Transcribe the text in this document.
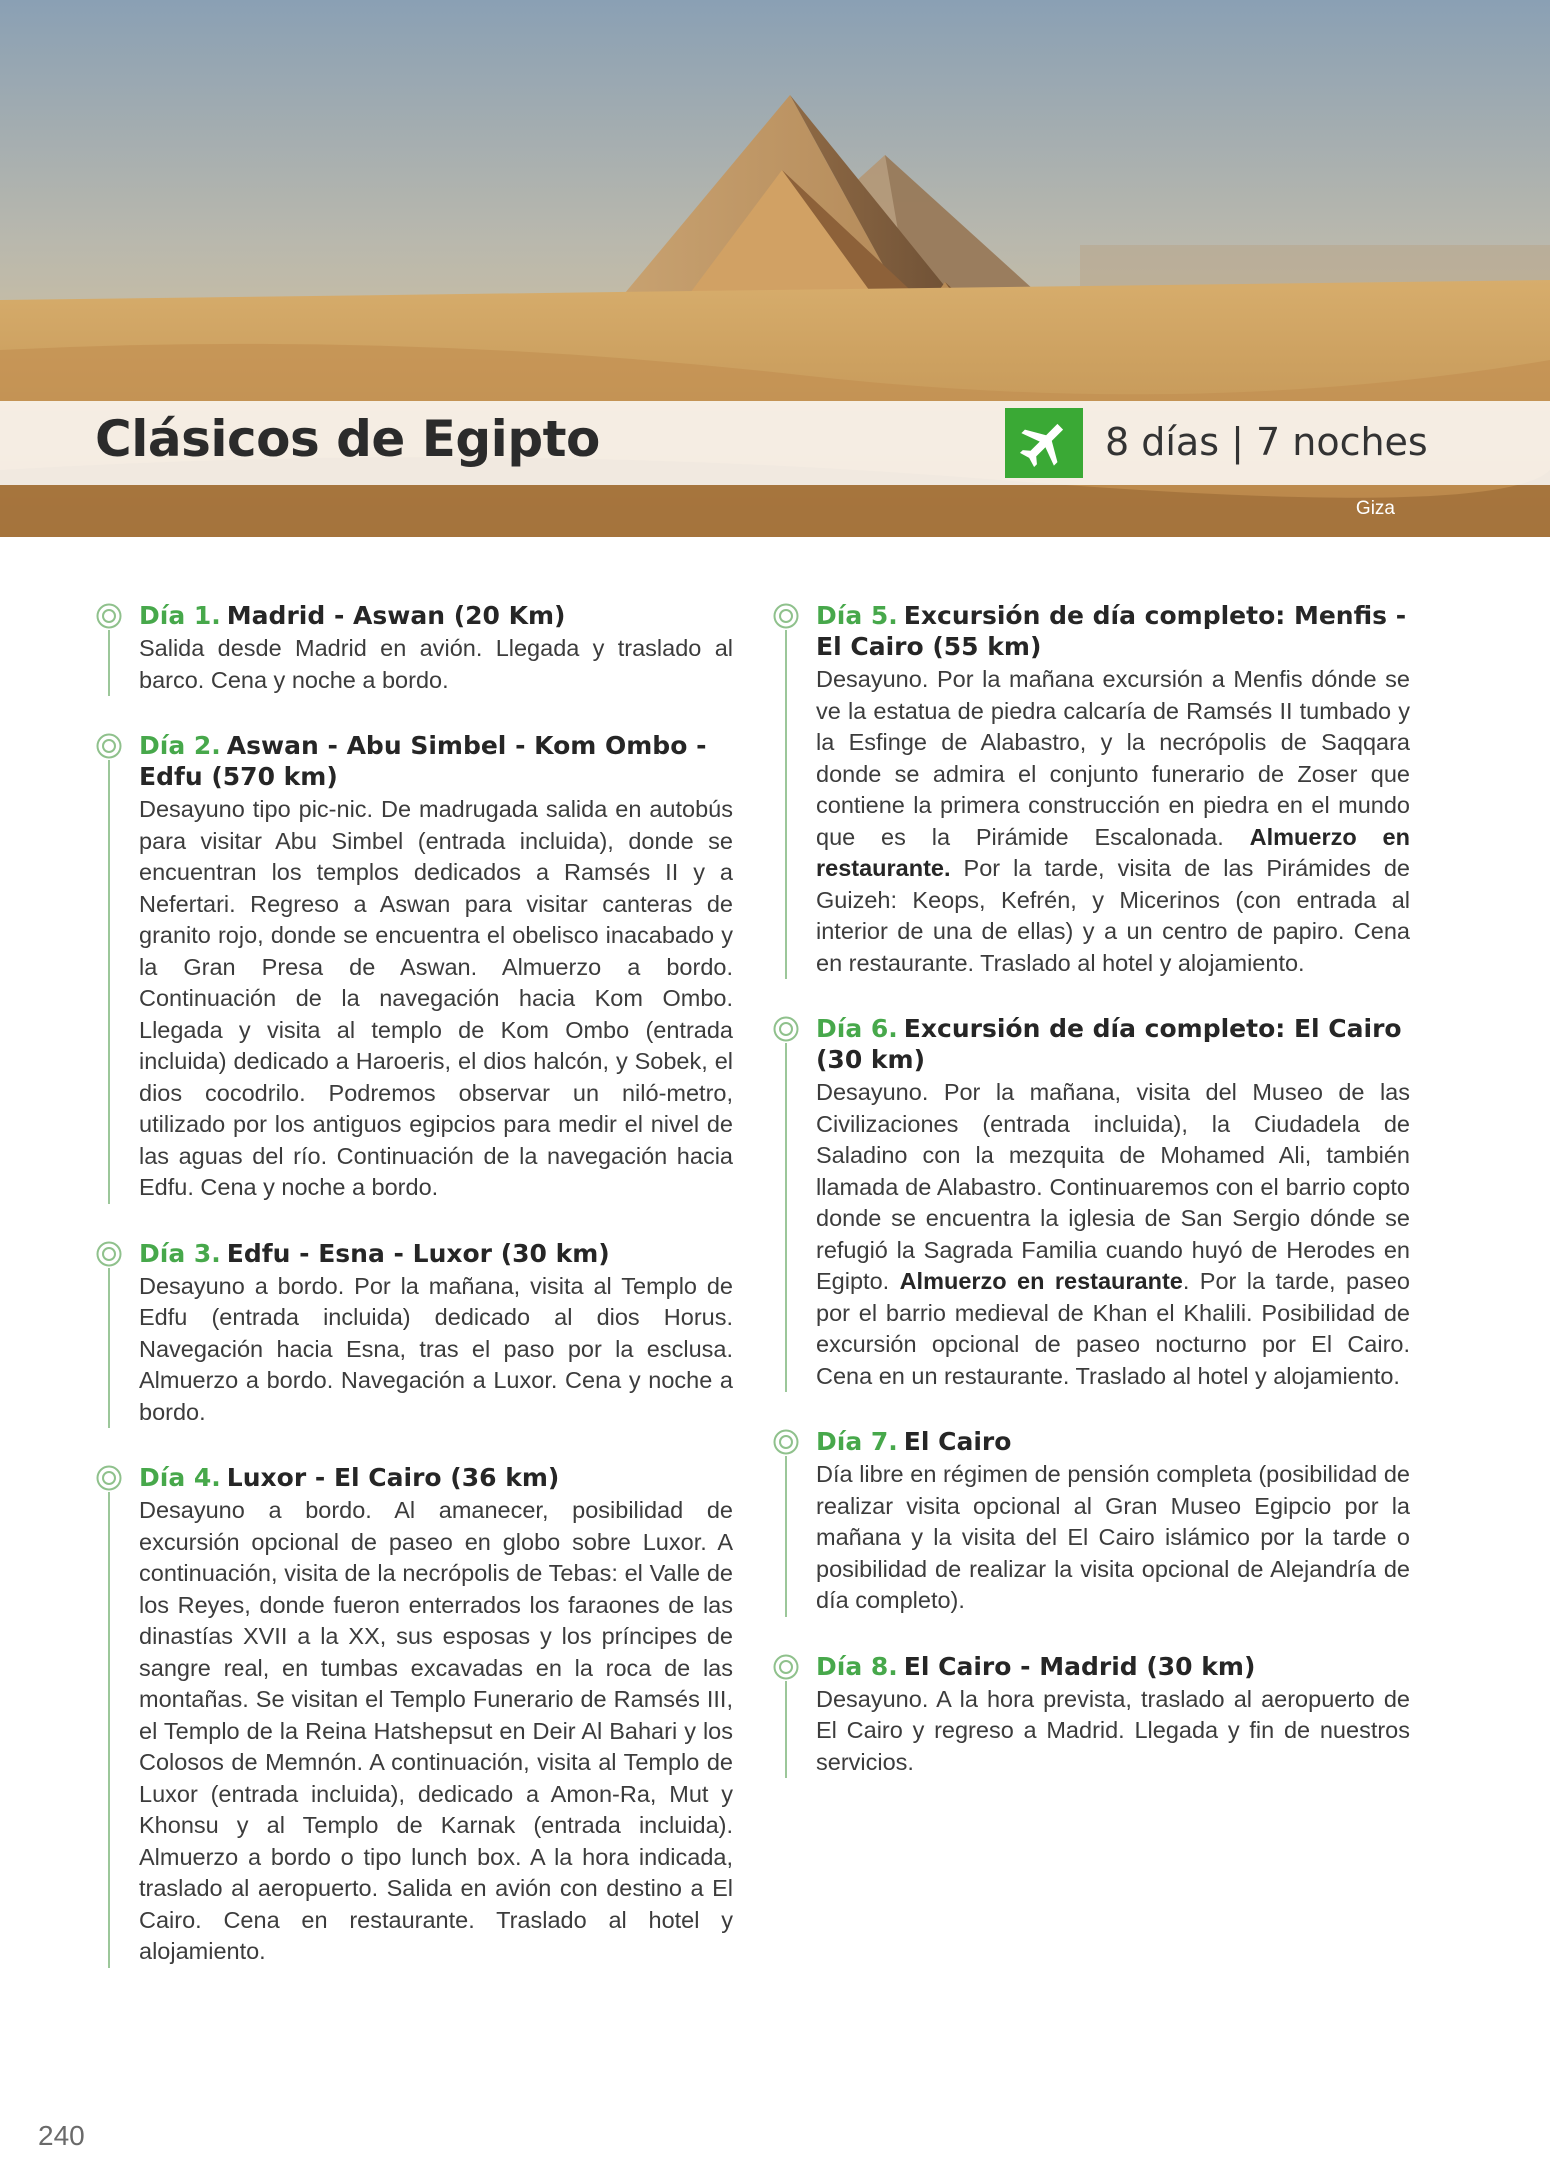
Clásicos de Egipto	8 días | 7 noches
Giza
Día 1. Madrid - Aswan (20 Km)
Salida desde Madrid en avión. Llegada y traslado al barco. Cena y noche a bordo.
Día 2. Aswan - Abu Simbel - Kom Ombo - Edfu (570 km)
Desayuno tipo pic-nic. De madrugada salida en autobús para visitar Abu Simbel (entrada incluida), donde se encuentran los templos dedicados a Ramsés II y a Nefertari. Regreso a Aswan para visitar canteras de granito rojo, donde se encuentra el obelisco inacabado y la Gran Presa de Aswan. Almuerzo a bordo. Continuación de la navegación hacia Kom Ombo. Llegada y visita al templo de Kom Ombo (entrada incluida) dedicado a Haroeris, el dios halcón, y Sobek, el dios cocodrilo. Podremos observar un niló-metro, utilizado por los antiguos egipcios para medir el nivel de las aguas del río. Continuación de la navegación hacia Edfu. Cena y noche a bordo.
Día 3. Edfu - Esna - Luxor (30 km)
Desayuno a bordo. Por la mañana, visita al Templo de Edfu (entrada incluida) dedicado al dios Horus. Navegación hacia Esna, tras el paso por la esclusa. Almuerzo a bordo. Navegación a Luxor. Cena y noche a bordo.
Día 4. Luxor - El Cairo (36 km)
Desayuno a bordo. Al amanecer, posibilidad de excursión opcional de paseo en globo sobre Luxor. A continuación, visita de la necrópolis de Tebas: el Valle de los Reyes, donde fueron enterrados los faraones de las dinastías XVII a la XX, sus esposas y los príncipes de sangre real, en tumbas excavadas en la roca de las montañas. Se visitan el Templo Funerario de Ramsés III, el Templo de la Reina Hatshepsut en Deir Al Bahari y los Colosos de Memnón. A continuación, visita al Templo de Luxor (entrada incluida), dedicado a Amon-Ra, Mut y Khonsu y al Templo de Karnak (entrada incluida). Almuerzo a bordo o tipo lunch box. A la hora indicada, traslado al aeropuerto. Salida en avión con destino a El Cairo. Cena en restaurante. Traslado al hotel y alojamiento.
Día 5. Excursión de día completo: Menfis - El Cairo (55 km)
Desayuno. Por la mañana excursión a Menfis dónde se ve la estatua de piedra calcaría de Ramsés II tumbado y la Esfinge de Alabastro, y la necrópolis de Saqqara donde se admira el conjunto funerario de Zoser que contiene la primera construcción en piedra en el mundo que es la Pirámide Escalonada. Almuerzo en restaurante. Por la tarde, visita de las Pirámides de Guizeh: Keops, Kefrén, y Micerinos (con entrada al interior de una de ellas) y a un centro de papiro. Cena en restaurante. Traslado al hotel y alojamiento.
Día 6. Excursión de día completo: El Cairo (30 km)
Desayuno. Por la mañana, visita del Museo de las Civilizaciones (entrada incluida), la Ciudadela de Saladino con la mezquita de Mohamed Ali, también llamada de Alabastro. Continuaremos con el barrio copto donde se encuentra la iglesia de San Sergio dónde se refugió la Sagrada Familia cuando huyó de Herodes en Egipto. Almuerzo en restaurante. Por la tarde, paseo por el barrio medieval de Khan el Khalili. Posibilidad de excursión opcional de paseo nocturno por El Cairo. Cena en un restaurante. Traslado al hotel y alojamiento.
Día 7. El Cairo
Día libre en régimen de pensión completa (posibilidad de realizar visita opcional al Gran Museo Egipcio por la mañana y la visita del El Cairo islámico por la tarde o posibilidad de realizar la visita opcional de Alejandría de día completo).
Día 8. El Cairo - Madrid (30 km)
Desayuno. A la hora prevista, traslado al aeropuerto de El Cairo y regreso a Madrid. Llegada y fin de nuestros servicios.
240
